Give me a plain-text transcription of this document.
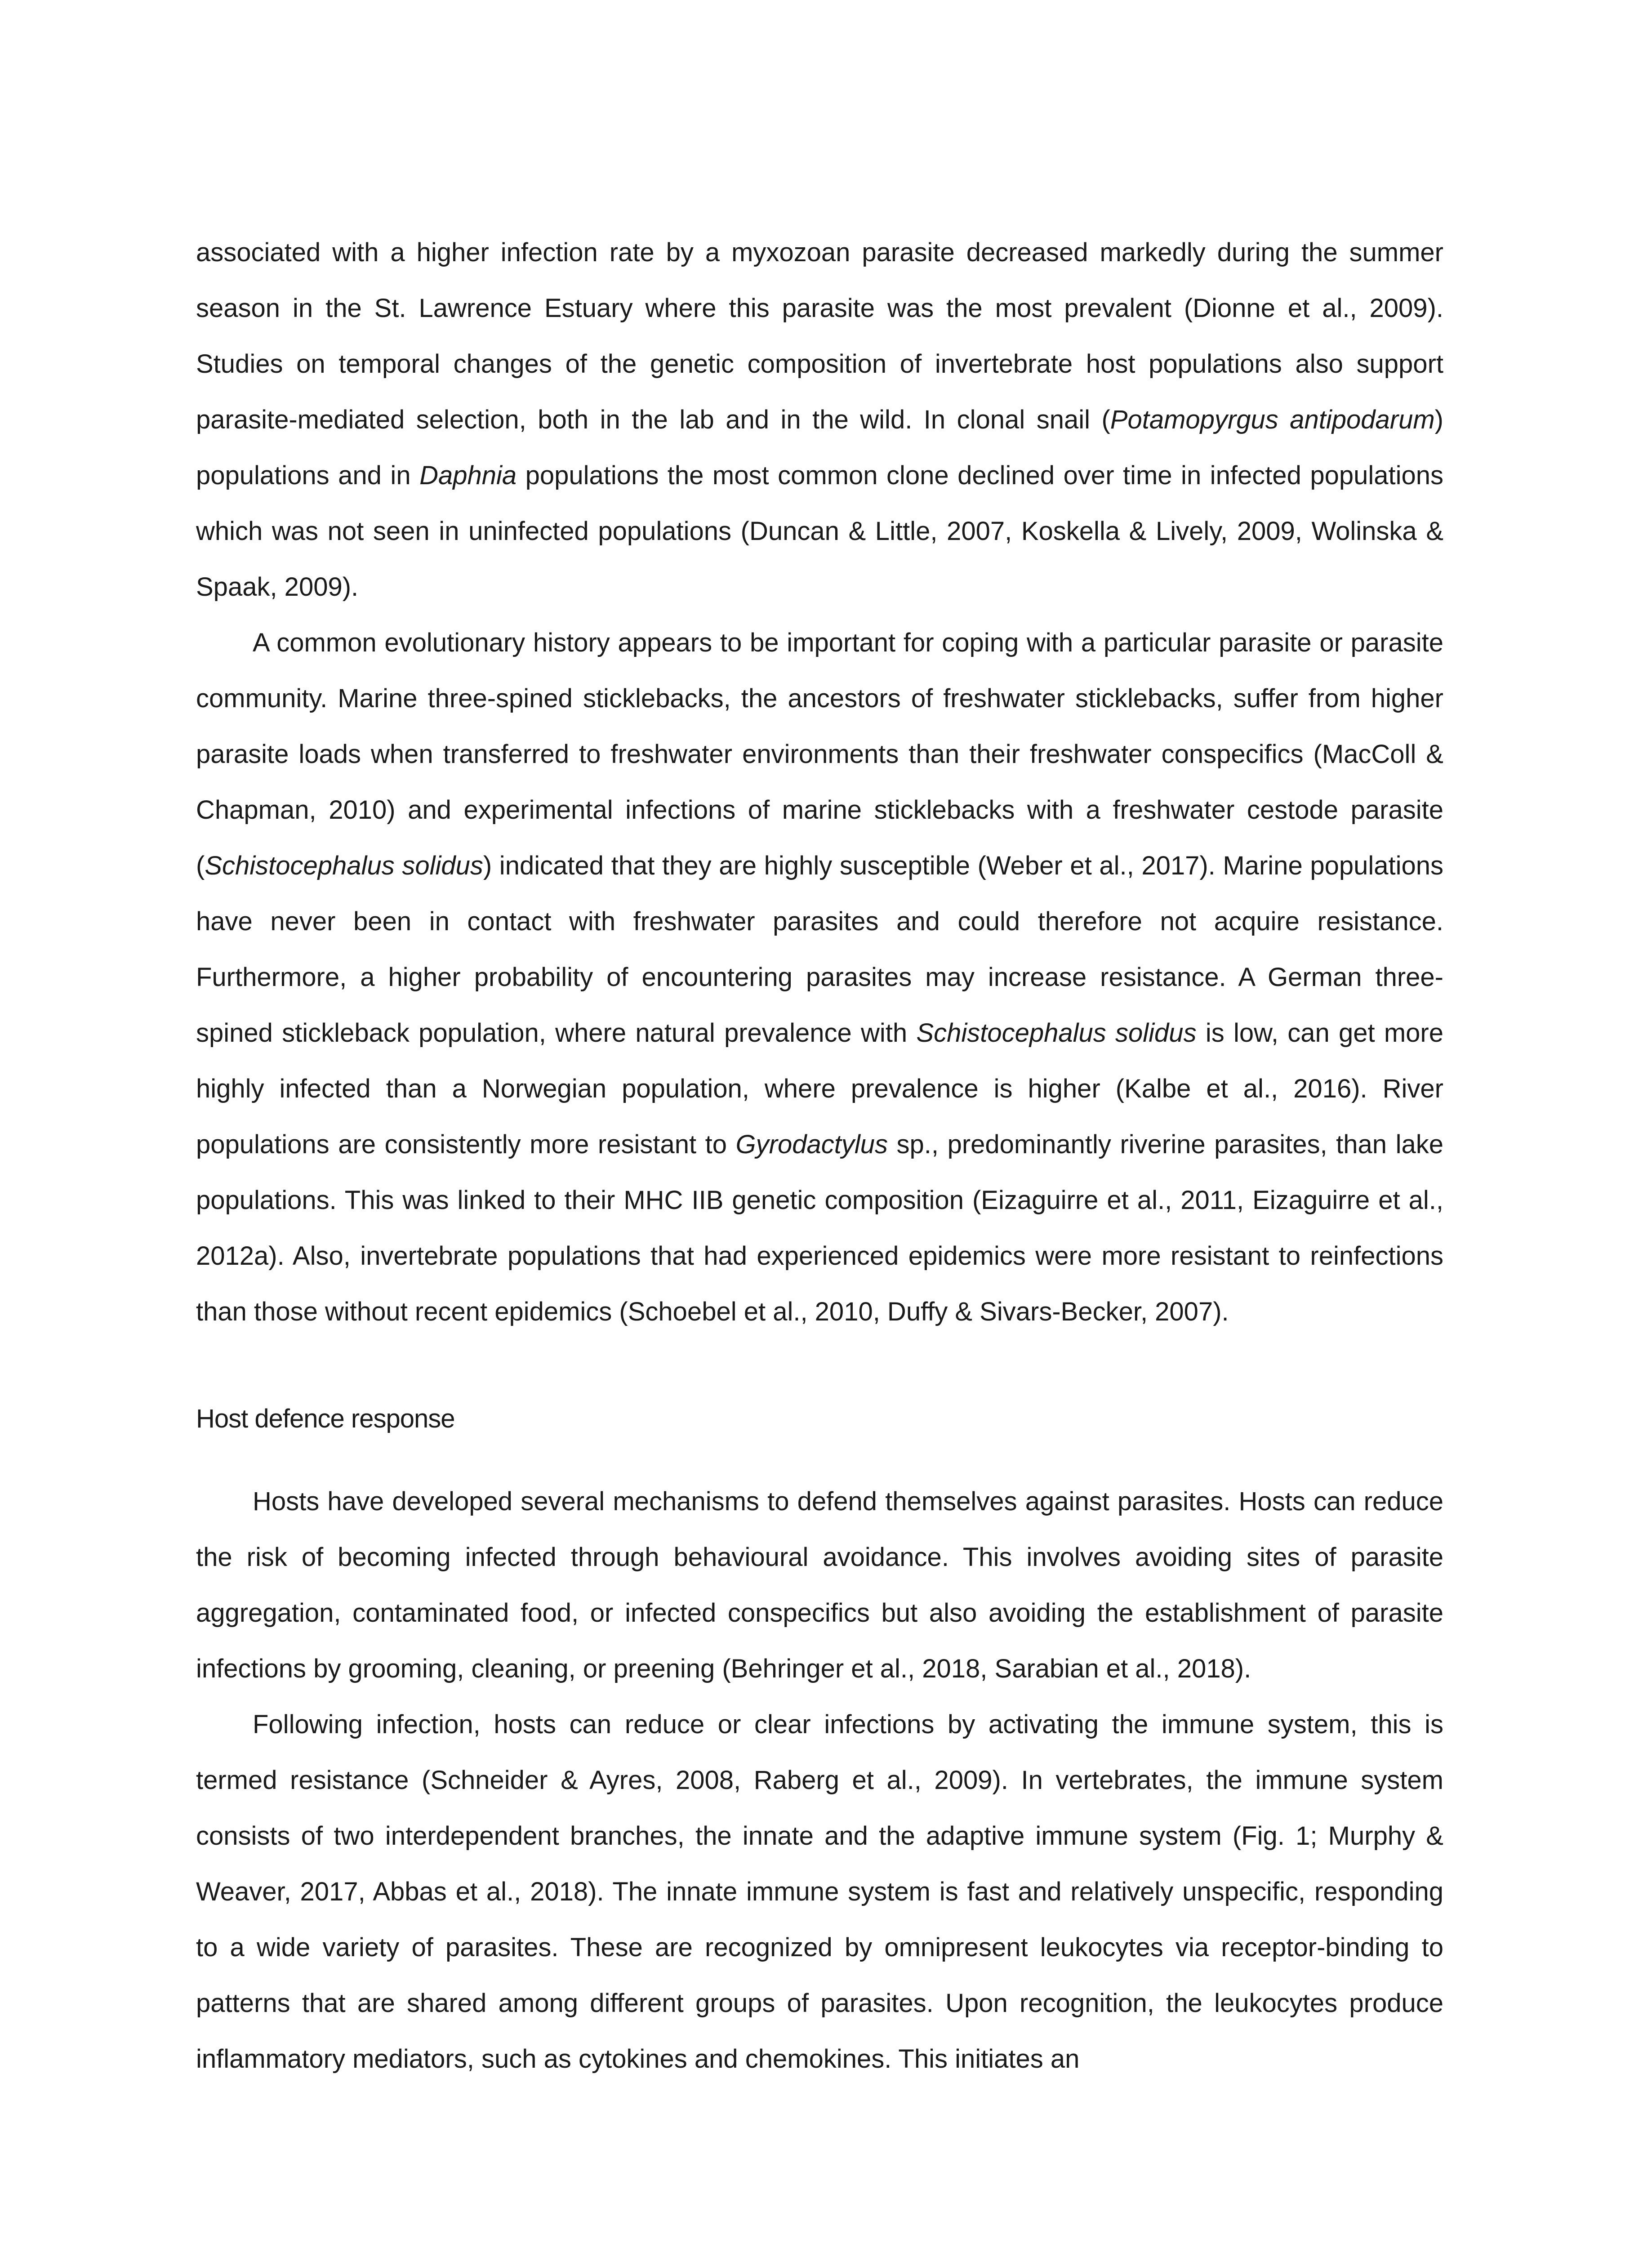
associated with a higher infection rate by a myxozoan parasite decreased markedly during the summer season in the St. Lawrence Estuary where this parasite was the most prevalent (Dionne et al., 2009). Studies on temporal changes of the genetic composition of invertebrate host populations also support parasite-mediated selection, both in the lab and in the wild. In clonal snail (Potamopyrgus antipodarum) populations and in Daphnia populations the most common clone declined over time in infected populations which was not seen in uninfected populations (Duncan & Little, 2007, Koskella & Lively, 2009, Wolinska & Spaak, 2009).

A common evolutionary history appears to be important for coping with a particular parasite or parasite community. Marine three-spined sticklebacks, the ancestors of freshwater sticklebacks, suffer from higher parasite loads when transferred to freshwater environments than their freshwater conspecifics (MacColl & Chapman, 2010) and experimental infections of marine sticklebacks with a freshwater cestode parasite (Schistocephalus solidus) indicated that they are highly susceptible (Weber et al., 2017). Marine populations have never been in contact with freshwater parasites and could therefore not acquire resistance. Furthermore, a higher probability of encountering parasites may increase resistance. A German three-spined stickleback population, where natural prevalence with Schistocephalus solidus is low, can get more highly infected than a Norwegian population, where prevalence is higher (Kalbe et al., 2016). River populations are consistently more resistant to Gyrodactylus sp., predominantly riverine parasites, than lake populations. This was linked to their MHC IIB genetic composition (Eizaguirre et al., 2011, Eizaguirre et al., 2012a). Also, invertebrate populations that had experienced epidemics were more resistant to reinfections than those without recent epidemics (Schoebel et al., 2010, Duffy & Sivars-Becker, 2007).

Host defence response

Hosts have developed several mechanisms to defend themselves against parasites. Hosts can reduce the risk of becoming infected through behavioural avoidance. This involves avoiding sites of parasite aggregation, contaminated food, or infected conspecifics but also avoiding the establishment of parasite infections by grooming, cleaning, or preening (Behringer et al., 2018, Sarabian et al., 2018).

Following infection, hosts can reduce or clear infections by activating the immune system, this is termed resistance (Schneider & Ayres, 2008, Raberg et al., 2009). In vertebrates, the immune system consists of two interdependent branches, the innate and the adaptive immune system (Fig. 1; Murphy & Weaver, 2017, Abbas et al., 2018). The innate immune system is fast and relatively unspecific, responding to a wide variety of parasites. These are recognized by omnipresent leukocytes via receptor-binding to patterns that are shared among different groups of parasites. Upon recognition, the leukocytes produce inflammatory mediators, such as cytokines and chemokines. This initiates an
